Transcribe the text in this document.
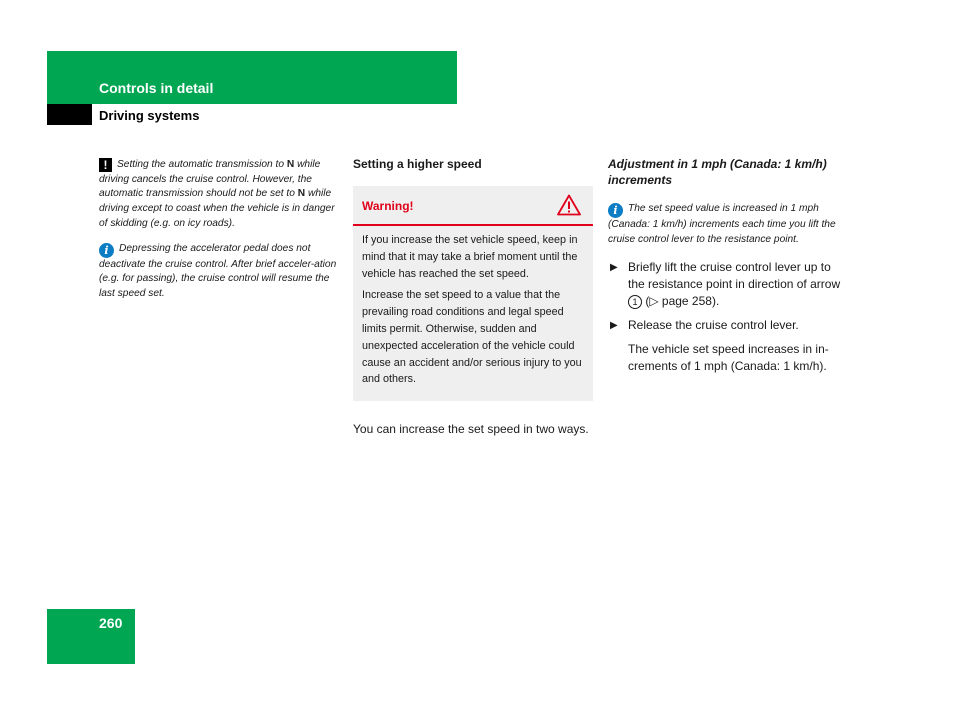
Controls in detail
Driving systems

! Setting the automatic transmission to N while driving cancels the cruise control. However, the automatic transmission should not be set to N while driving except to coast when the vehicle is in danger of skidding (e.g. on icy roads).

i Depressing the accelerator pedal does not deactivate the cruise control. After brief acceler-ation (e.g. for passing), the cruise control will resume the last speed set.

Setting a higher speed
Warning!

If you increase the set vehicle speed, keep in mind that it may take a brief moment until the vehicle has reached the set speed.

Increase the set speed to a value that the prevailing road conditions and legal speed limits permit. Otherwise, sudden and unexpected acceleration of the vehicle could cause an accident and/or serious injury to you and others.

You can increase the set speed in two ways.

Adjustment in 1 mph (Canada: 1 km/h) increments

i The set speed value is increased in 1 mph (Canada: 1 km/h) increments each time you lift the cruise control lever to the resistance point.

▶ Briefly lift the cruise control lever up to the resistance point in direction of arrow 1 (▷ page 258).
▶ Release the cruise control lever.

The vehicle set speed increases in in-crements of 1 mph (Canada: 1 km/h).

260
